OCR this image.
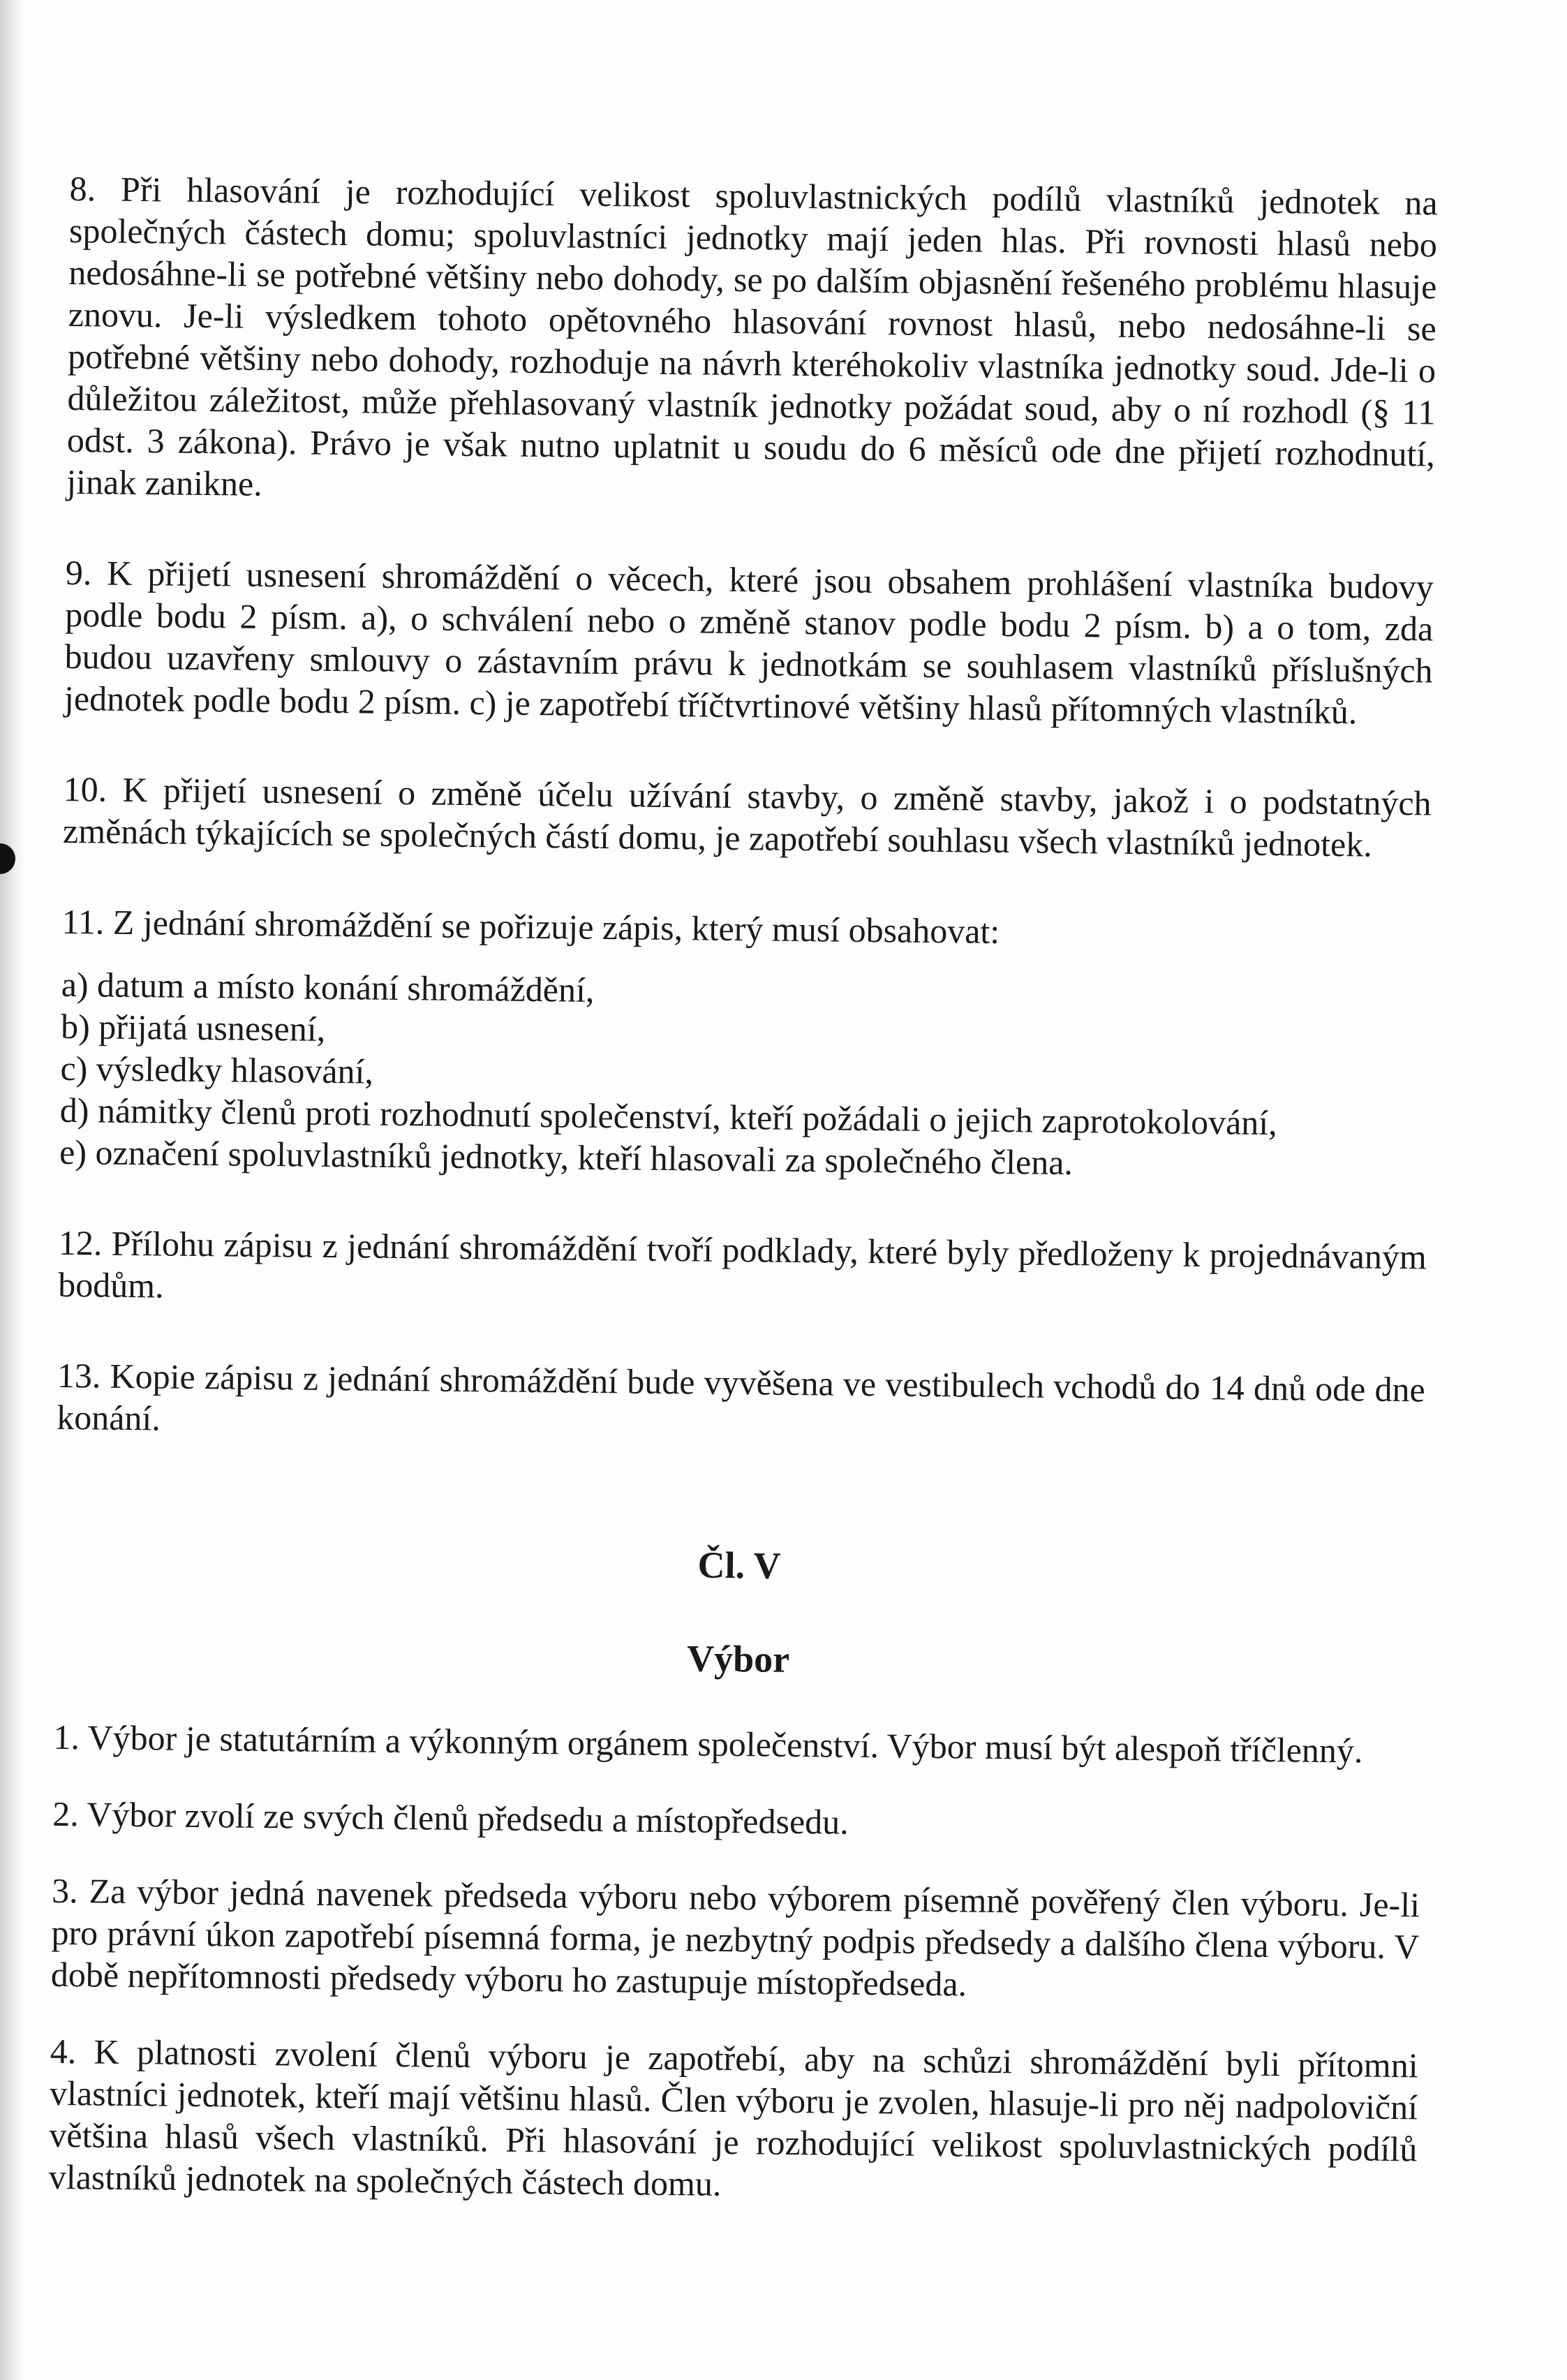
8. Při hlasování je rozhodující velikost spoluvlastnických podílů vlastníků jednotek na společných částech domu; spoluvlastníci jednotky mají jeden hlas. Při rovnosti hlasů nebo nedosáhne-li se potřebné většiny nebo dohody, se po dalším objasnění řešeného problému hlasuje znovu. Je-li výsledkem tohoto opětovného hlasování rovnost hlasů, nebo nedosáhne-li se potřebné většiny nebo dohody, rozhoduje na návrh kteréhokoliv vlastníka jednotky soud. Jde-li o důležitou záležitost, může přehlasovaný vlastník jednotky požádat soud, aby o ní rozhodl (§ 11 odst. 3 zákona). Právo je však nutno uplatnit u soudu do 6 měsíců ode dne přijetí rozhodnutí, jinak zanikne.

9. K přijetí usnesení shromáždění o věcech, které jsou obsahem prohlášení vlastníka budovy podle bodu 2 písm. a), o schválení nebo o změně stanov podle bodu 2 písm. b) a o tom, zda budou uzavřeny smlouvy o zástavním právu k jednotkám se souhlasem vlastníků příslušných jednotek podle bodu 2 písm. c) je zapotřebí tříčtvrtinové většiny hlasů přítomných vlastníků.

10. K přijetí usnesení o změně účelu užívání stavby, o změně stavby, jakož i o podstatných změnách týkajících se společných částí domu, je zapotřebí souhlasu všech vlastníků jednotek.

11. Z jednání shromáždění se pořizuje zápis, který musí obsahovat:

a) datum a místo konání shromáždění,

b) přijatá usnesení,

c) výsledky hlasování,

d) námitky členů proti rozhodnutí společenství, kteří požádali o jejich zaprotokolování,

e) označení spoluvlastníků jednotky, kteří hlasovali za společného člena.

12. Přílohu zápisu z jednání shromáždění tvoří podklady, které byly předloženy k projednávaným bodům.

13. Kopie zápisu z jednání shromáždění bude vyvěšena ve vestibulech vchodů do 14 dnů ode dne konání.

Čl. V
Výbor

1. Výbor je statutárním a výkonným orgánem společenství. Výbor musí být alespoň tříčlenný.

2. Výbor zvolí ze svých členů předsedu a místopředsedu.

3. Za výbor jedná navenek předseda výboru nebo výborem písemně pověřený člen výboru. Je-li pro právní úkon zapotřebí písemná forma, je nezbytný podpis předsedy a dalšího člena výboru. V době nepřítomnosti předsedy výboru ho zastupuje místopředseda.

4. K platnosti zvolení členů výboru je zapotřebí, aby na schůzi shromáždění byli přítomni vlastníci jednotek, kteří mají většinu hlasů. Člen výboru je zvolen, hlasuje-li pro něj nadpoloviční většina hlasů všech vlastníků. Při hlasování je rozhodující velikost spoluvlastnických podílů vlastníků jednotek na společných částech domu.
